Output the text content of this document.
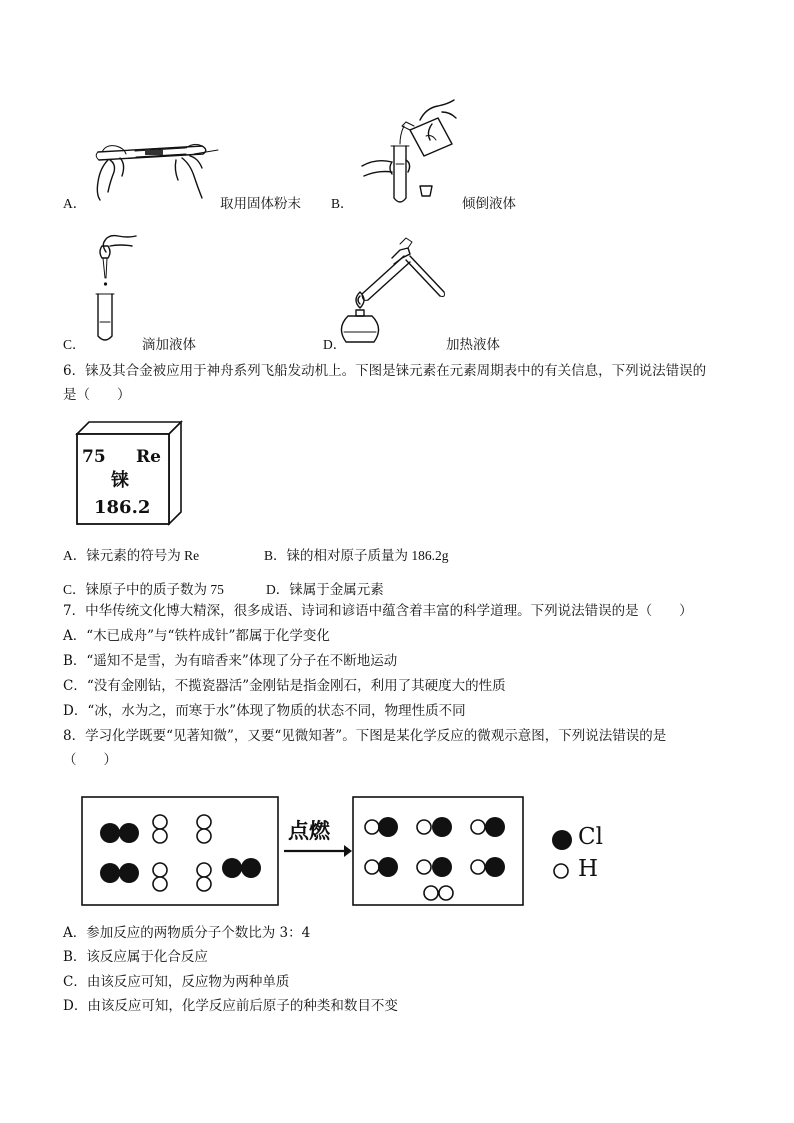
A．	取用固体粉末 B．	倾倒液体
C．	滴加液体	D．	加热液体
6．铼及其合金被应用于神舟系列飞船发动机上。下图是铼元素在元素周期表中的有关信息，下列说法错误的
是（　　）
75 Re
铼
186.2
A．铼元素的符号为 Re	B．铼的相对原子质量为 186.2g
C．铼原子中的质子数为 75	D．铼属于金属元素
7．中华传统文化博大精深，很多成语、诗词和谚语中蕴含着丰富的科学道理。下列说法错误的是（　　）
A．“木已成舟”与“铁杵成针”都属于化学变化
B．“遥知不是雪，为有暗香来”体现了分子在不断地运动
C．“没有金刚钻，不揽瓷器活”金刚钻是指金刚石，利用了其硬度大的性质
D．“冰，水为之，而寒于水”体现了物质的状态不同，物理性质不同
8．学习化学既要“见著知微”，又要“见微知著”。下图是某化学反应的微观示意图，下列说法错误的是
（　　）
点燃	Cl
H
A．参加反应的两物质分子个数比为 3：4
B．该反应属于化合反应
C．由该反应可知，反应物为两种单质
D．由该反应可知，化学反应前后原子的种类和数目不变
